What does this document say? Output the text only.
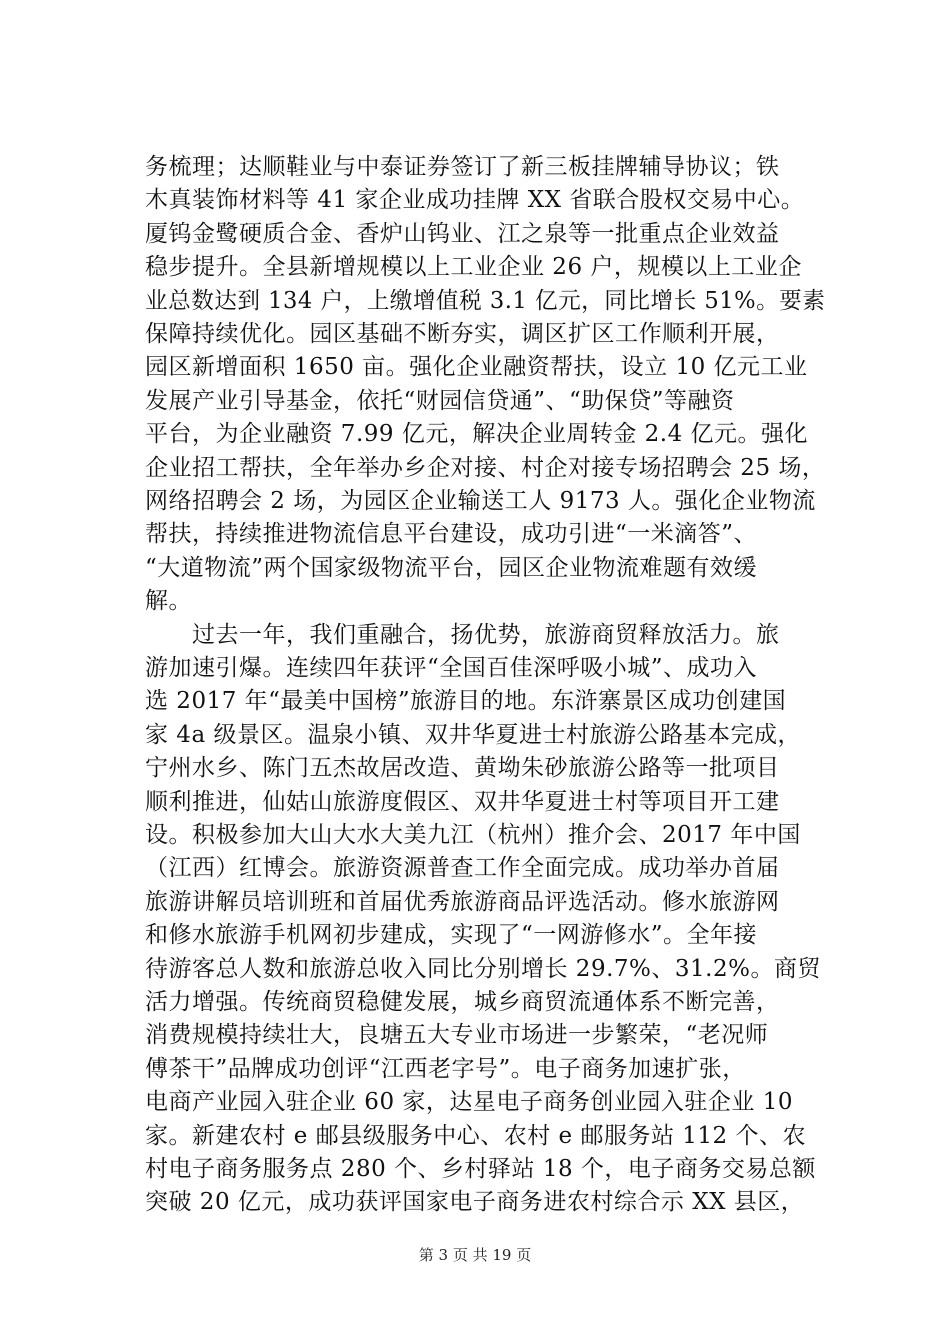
务梳理；达顺鞋业与中泰证券签订了新三板挂牌辅导协议；铁
木真装饰材料等 41 家企业成功挂牌 XX 省联合股权交易中心。
厦钨金鹭硬质合金、香炉山钨业、江之泉等一批重点企业效益
稳步提升。全县新增规模以上工业企业 26 户，规模以上工业企
业总数达到 134 户，上缴增值税 3.1 亿元，同比增长 51%。要素
保障持续优化。园区基础不断夯实，调区扩区工作顺利开展，
园区新增面积 1650 亩。强化企业融资帮扶，设立 10 亿元工业
发展产业引导基金，依托“财园信贷通”、“助保贷”等融资
平台，为企业融资 7.99 亿元，解决企业周转金 2.4 亿元。强化
企业招工帮扶，全年举办乡企对接、村企对接专场招聘会 25 场，
网络招聘会 2 场，为园区企业输送工人 9173 人。强化企业物流
帮扶，持续推进物流信息平台建设，成功引进“一米滴答”、
“大道物流”两个国家级物流平台，园区企业物流难题有效缓
解。
　　过去一年，我们重融合，扬优势，旅游商贸释放活力。旅
游加速引爆。连续四年获评“全国百佳深呼吸小城”、成功入
选 2017 年“最美中国榜”旅游目的地。东浒寨景区成功创建国
家 4a 级景区。温泉小镇、双井华夏进士村旅游公路基本完成，
宁州水乡、陈门五杰故居改造、黄坳朱砂旅游公路等一批项目
顺利推进，仙姑山旅游度假区、双井华夏进士村等项目开工建
设。积极参加大山大水大美九江（杭州）推介会、2017 年中国
（江西）红博会。旅游资源普查工作全面完成。成功举办首届
旅游讲解员培训班和首届优秀旅游商品评选活动。修水旅游网
和修水旅游手机网初步建成，实现了“一网游修水”。全年接
待游客总人数和旅游总收入同比分别增长 29.7%、31.2%。商贸
活力增强。传统商贸稳健发展，城乡商贸流通体系不断完善，
消费规模持续壮大，良塘五大专业市场进一步繁荣，“老况师
傅茶干”品牌成功创评“江西老字号”。电子商务加速扩张，
电商产业园入驻企业 60 家，达星电子商务创业园入驻企业 10
家。新建农村 e 邮县级服务中心、农村 e 邮服务站 112 个、农
村电子商务服务点 280 个、乡村驿站 18 个，电子商务交易总额
突破 20 亿元，成功获评国家电子商务进农村综合示 XX 县区，
第 3 页 共 19 页
